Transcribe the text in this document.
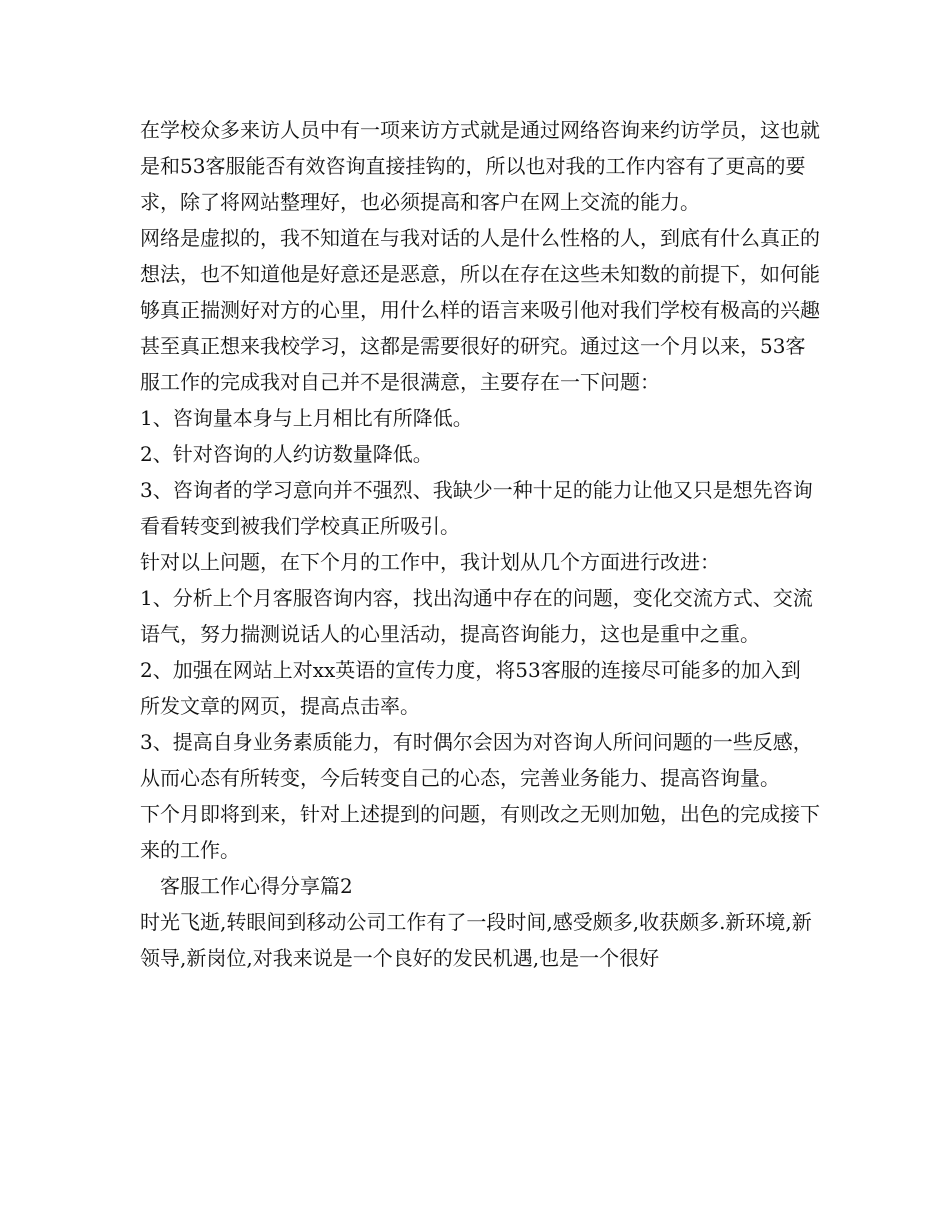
在学校众多来访人员中有一项来访方式就是通过网络咨询来约访学员，这也就是和53客服能否有效咨询直接挂钩的，所以也对我的工作内容有了更高的要求，除了将网站整理好，也必须提高和客户在网上交流的能力。

网络是虚拟的，我不知道在与我对话的人是什么性格的人，到底有什么真正的想法，也不知道他是好意还是恶意，所以在存在这些未知数的前提下，如何能够真正揣测好对方的心里，用什么样的语言来吸引他对我们学校有极高的兴趣甚至真正想来我校学习，这都是需要很好的研究。通过这一个月以来，53客服工作的完成我对自己并不是很满意，主要存在一下问题：

1、咨询量本身与上月相比有所降低。

2、针对咨询的人约访数量降低。

3、咨询者的学习意向并不强烈、我缺少一种十足的能力让他又只是想先咨询看看转变到被我们学校真正所吸引。

针对以上问题，在下个月的工作中，我计划从几个方面进行改进：

1、分析上个月客服咨询内容，找出沟通中存在的问题，变化交流方式、交流语气，努力揣测说话人的心里活动，提高咨询能力，这也是重中之重。

2、加强在网站上对xx英语的宣传力度，将53客服的连接尽可能多的加入到所发文章的网页，提高点击率。

3、提高自身业务素质能力，有时偶尔会因为对咨询人所问问题的一些反感，从而心态有所转变，今后转变自己的心态，完善业务能力、提高咨询量。

下个月即将到来，针对上述提到的问题，有则改之无则加勉，出色的完成接下来的工作。

客服工作心得分享篇2

时光飞逝,转眼间到移动公司工作有了一段时间,感受颇多,收获颇多.新环境,新领导,新岗位,对我来说是一个良好的发民机遇,也是一个很好
